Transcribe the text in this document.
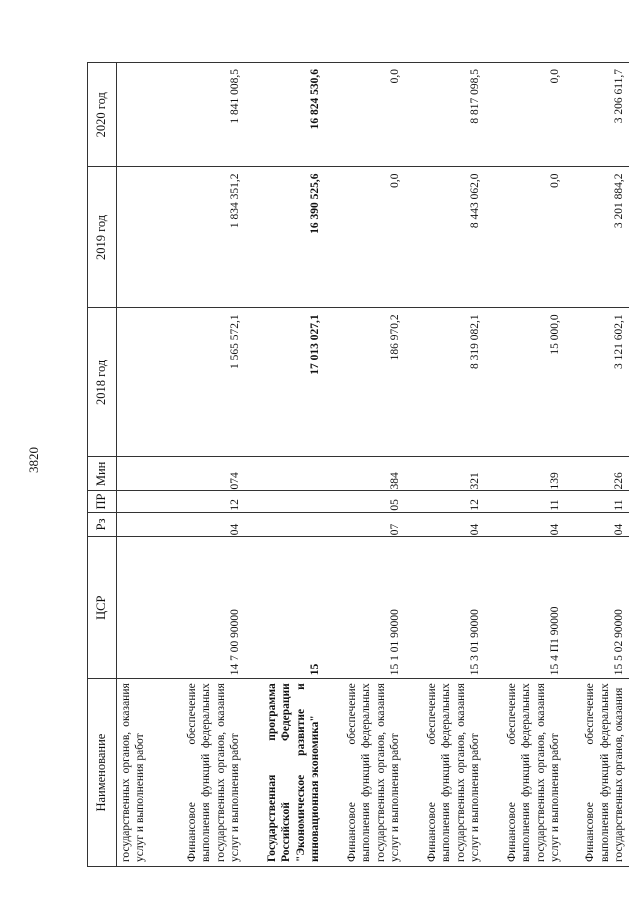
3820
Наименование	ЦСР	Рз	ПР	Мин	2018 год	2019 год	2020 год
государственных органов, оказания услуг и выполнения работ							
Финансовое обеспечение выполнения функций федеральных государственных органов, оказания услуг и выполнения работ	14 7 00 90000	04	12	074	1 565 572,1	1 834 351,2	1 841 008,5
Государственная программа Российской Федерации "Экономическое развитие и инновационная экономика"	15				17 013 027,1	16 390 525,6	16 824 530,6
Финансовое обеспечение выполнения функций федеральных государственных органов, оказания услуг и выполнения работ	15 1 01 90000	07	05	384	186 970,2	0,0	0,0
Финансовое обеспечение выполнения функций федеральных государственных органов, оказания услуг и выполнения работ	15 3 01 90000	04	12	321	8 319 082,1	8 443 062,0	8 817 098,5
Финансовое обеспечение выполнения функций федеральных государственных органов, оказания услуг и выполнения работ	15 4 П1 90000	04	11	139	15 000,0	0,0	0,0
Финансовое обеспечение выполнения функций федеральных государственных органов, оказания	15 5 02 90000	04	11	226	3 121 602,1	3 201 884,2	3 206 611,7
